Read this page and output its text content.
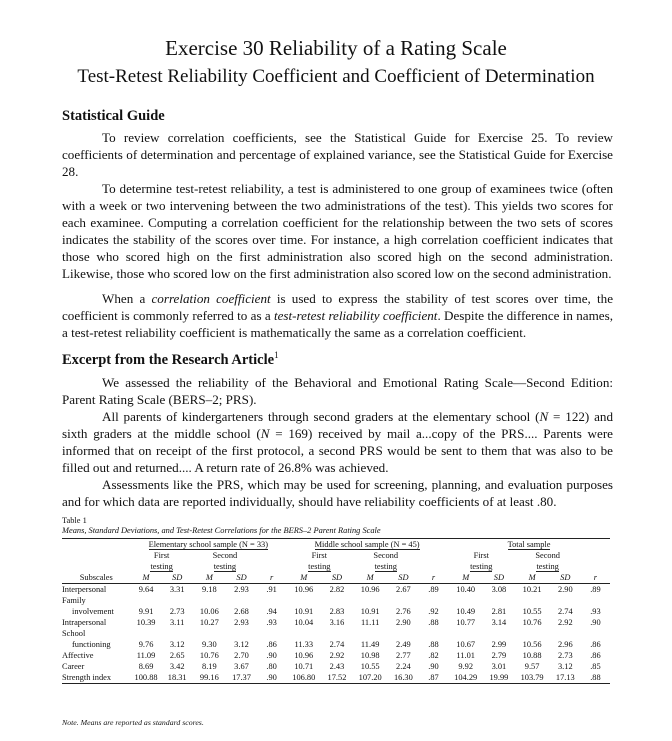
Exercise 30 Reliability of a Rating Scale
Test-Retest Reliability Coefficient and Coefficient of Determination
Statistical Guide

To review correlation coefficients, see the Statistical Guide for Exercise 25. To review coefficients of determination and percentage of explained variance, see the Statistical Guide for Exercise 28.

To determine test-retest reliability, a test is administered to one group of examinees twice (often with a week or two intervening between the two administrations of the test). This yields two scores for each examinee. Computing a correlation coefficient for the relationship between the two sets of scores indicates the stability of the scores over time. For instance, a high correlation coefficient indicates that those who scored high on the first administration also scored high on the second administration. Likewise, those who scored low on the first administration also scored low on the second administration.

When a correlation coefficient is used to express the stability of test scores over time, the coefficient is commonly referred to as a test-retest reliability coefficient. Despite the difference in names, a test-retest reliability coefficient is mathematically the same as a correlation coefficient.

Excerpt from the Research Article$^1$

We assessed the reliability of the Behavioral and Emotional Rating Scale—Second Edition: Parent Rating Scale (BERS–2; PRS).

All parents of kindergarteners through second graders at the elementary school (N = 122) and sixth graders at the middle school (N = 169) received by mail a...copy of the PRS.... Parents were informed that on receipt of the first protocol, a second PRS would be sent to them that was also to be filled out and returned.... A return rate of 26.8% was achieved.

Assessments like the PRS, which may be used for screening, planning, and evaluation purposes and for which data are reported individually, should have reliability coefficients of at least .80.

Table 1

Means, Standard Deviations, and Test-Retest Correlations for the BERS–2 Parent Rating Scale

	Elementary school sample (N = 33)					Middle school sample (N = 45)					Total sample				
	First		Second			First		Second			First		Second		
	testing		testing			testing		testing			testing		testing		
Subscales	M	SD	M	SD	r	M	SD	M	SD	r	M	SD	M	SD	r
Interpersonal	9.64	3.31	9.18	2.93	.91	10.96	2.82	10.96	2.67	.89	10.40	3.08	10.21	2.90	.89
Family															
involvement	9.91	2.73	10.06	2.68	.94	10.91	2.83	10.91	2.76	.92	10.49	2.81	10.55	2.74	.93
Intrapersonal	10.39	3.11	10.27	2.93	.93	10.04	3.16	11.11	2.90	.88	10.77	3.14	10.76	2.92	.90
School															
functioning	9.76	3.12	9.30	3.12	.86	11.33	2.74	11.49	2.49	.88	10.67	2.99	10.56	2.96	.86
Affective	11.09	2.65	10.76	2.70	.90	10.96	2.92	10.98	2.77	.82	11.01	2.79	10.88	2.73	.86
Career	8.69	3.42	8.19	3.67	.80	10.71	2.43	10.55	2.24	.90	9.92	3.01	9.57	3.12	.85
Strength index	100.88	18.31	99.16	17.37	.90	106.80	17.52	107.20	16.30	.87	104.29	19.99	103.79	17.13	.88

Note. Means are reported as standard scores.
